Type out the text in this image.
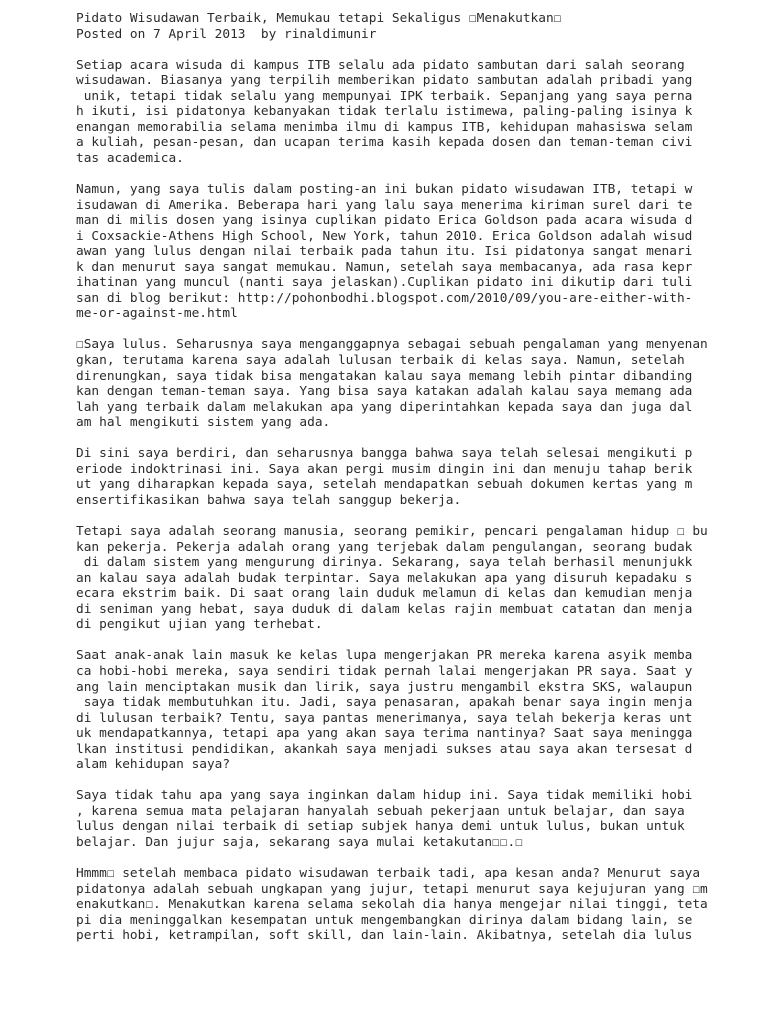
Pidato Wisudawan Terbaik, Memukau tetapi Sekaligus ☐Menakutkan☐
Posted on 7 April 2013  by rinaldimunir
Setiap acara wisuda di kampus ITB selalu ada pidato sambutan dari salah seorang
wisudawan. Biasanya yang terpilih memberikan pidato sambutan adalah pribadi yang
unik, tetapi tidak selalu yang mempunyai IPK terbaik. Sepanjang yang saya perna
h ikuti, isi pidatonya kebanyakan tidak terlalu istimewa, paling-paling isinya k
enangan memorabilia selama menimba ilmu di kampus ITB, kehidupan mahasiswa selam
a kuliah, pesan-pesan, dan ucapan terima kasih kepada dosen dan teman-teman civi
tas academica.
Namun, yang saya tulis dalam posting-an ini bukan pidato wisudawan ITB, tetapi w
isudawan di Amerika. Beberapa hari yang lalu saya menerima kiriman surel dari te
man di milis dosen yang isinya cuplikan pidato Erica Goldson pada acara wisuda d
i Coxsackie-Athens High School, New York, tahun 2010. Erica Goldson adalah wisud
awan yang lulus dengan nilai terbaik pada tahun itu. Isi pidatonya sangat menari
k dan menurut saya sangat memukau. Namun, setelah saya membacanya, ada rasa kepr
ihatinan yang muncul (nanti saya jelaskan).Cuplikan pidato ini dikutip dari tuli
san di blog berikut: http://pohonbodhi.blogspot.com/2010/09/you-are-either-with-
me-or-against-me.html
☐Saya lulus. Seharusnya saya menganggapnya sebagai sebuah pengalaman yang menyenan
gkan, terutama karena saya adalah lulusan terbaik di kelas saya. Namun, setelah
direnungkan, saya tidak bisa mengatakan kalau saya memang lebih pintar dibanding
kan dengan teman-teman saya. Yang bisa saya katakan adalah kalau saya memang ada
lah yang terbaik dalam melakukan apa yang diperintahkan kepada saya dan juga dal
am hal mengikuti sistem yang ada.
Di sini saya berdiri, dan seharusnya bangga bahwa saya telah selesai mengikuti p
eriode indoktrinasi ini. Saya akan pergi musim dingin ini dan menuju tahap berik
ut yang diharapkan kepada saya, setelah mendapatkan sebuah dokumen kertas yang m
ensertifikasikan bahwa saya telah sanggup bekerja.
Tetapi saya adalah seorang manusia, seorang pemikir, pencari pengalaman hidup ☐ bu
kan pekerja. Pekerja adalah orang yang terjebak dalam pengulangan, seorang budak
di dalam sistem yang mengurung dirinya. Sekarang, saya telah berhasil menunjukk
an kalau saya adalah budak terpintar. Saya melakukan apa yang disuruh kepadaku s
ecara ekstrim baik. Di saat orang lain duduk melamun di kelas dan kemudian menja
di seniman yang hebat, saya duduk di dalam kelas rajin membuat catatan dan menja
di pengikut ujian yang terhebat.
Saat anak-anak lain masuk ke kelas lupa mengerjakan PR mereka karena asyik memba
ca hobi-hobi mereka, saya sendiri tidak pernah lalai mengerjakan PR saya. Saat y
ang lain menciptakan musik dan lirik, saya justru mengambil ekstra SKS, walaupun
saya tidak membutuhkan itu. Jadi, saya penasaran, apakah benar saya ingin menja
di lulusan terbaik? Tentu, saya pantas menerimanya, saya telah bekerja keras unt
uk mendapatkannya, tetapi apa yang akan saya terima nantinya? Saat saya meningga
lkan institusi pendidikan, akankah saya menjadi sukses atau saya akan tersesat d
alam kehidupan saya?
Saya tidak tahu apa yang saya inginkan dalam hidup ini. Saya tidak memiliki hobi
, karena semua mata pelajaran hanyalah sebuah pekerjaan untuk belajar, dan saya
lulus dengan nilai terbaik di setiap subjek hanya demi untuk lulus, bukan untuk
belajar. Dan jujur saja, sekarang saya mulai ketakutan☐☐.☐
Hmmm☐ setelah membaca pidato wisudawan terbaik tadi, apa kesan anda? Menurut saya
pidatonya adalah sebuah ungkapan yang jujur, tetapi menurut saya kejujuran yang ☐m
enakutkan☐. Menakutkan karena selama sekolah dia hanya mengejar nilai tinggi, teta
pi dia meninggalkan kesempatan untuk mengembangkan dirinya dalam bidang lain, se
perti hobi, ketrampilan, soft skill, dan lain-lain. Akibatnya, setelah dia lulus
